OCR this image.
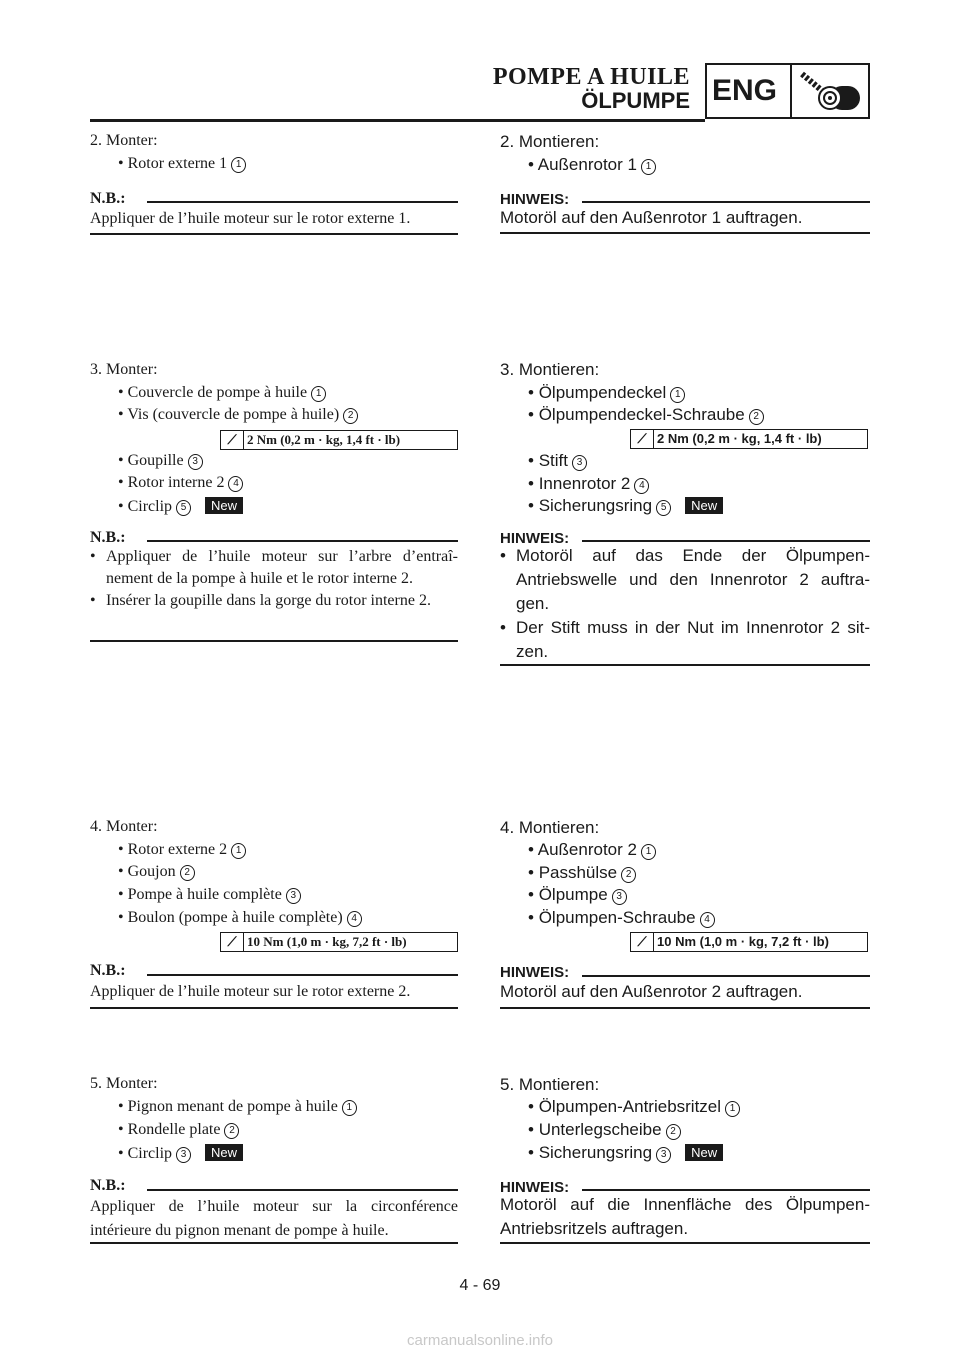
POMPE A HUILE
ÖLPUMPE ENG
2. Monter:
• Rotor externe 1 1
N.B.:
Appliquer de l’huile moteur sur le rotor externe 1.
3. Monter:
• Couvercle de pompe à huile 1
• Vis (couvercle de pompe à huile) 2
⟋ 2 Nm (0,2 m · kg, 1,4 ft · lb)
• Goupille 3
• Rotor interne 2 4
• Circlip 5 New
N.B.:
• Appliquer de l’huile moteur sur l’arbre d’entraî- nement de la pompe à huile et le rotor interne 2.
• Insérer la goupille dans la gorge du rotor interne 2.
4. Monter:
• Rotor externe 2 1
• Goujon 2
• Pompe à huile complète 3
• Boulon (pompe à huile complète) 4
⟋ 10 Nm (1,0 m · kg, 7,2 ft · lb)
N.B.:
Appliquer de l’huile moteur sur le rotor externe 2.
5. Monter:
• Pignon menant de pompe à huile 1
• Rondelle plate 2
• Circlip 3 New
N.B.:
Appliquer de l’huile moteur sur la circonférence intérieure du pignon menant de pompe à huile.
2. Montieren:
• Außenrotor 1 1
HINWEIS:
Motoröl auf den Außenrotor 1 auftragen.
3. Montieren:
• Ölpumpendeckel 1
• Ölpumpendeckel-Schraube 2
⟋ 2 Nm (0,2 m · kg, 1,4 ft · lb)
• Stift 3
• Innenrotor 2 4
• Sicherungsring 5 New
HINWEIS:
• Motoröl auf das Ende der Ölpumpen- Antriebswelle und den Innenrotor 2 auftra- gen.
• Der Stift muss in der Nut im Innenrotor 2 sit- zen.
4. Montieren:
• Außenrotor 2 1
• Passhülse 2
• Ölpumpe 3
• Ölpumpen-Schraube 4
⟋ 10 Nm (1,0 m · kg, 7,2 ft · lb)
HINWEIS:
Motoröl auf den Außenrotor 2 auftragen.
5. Montieren:
• Ölpumpen-Antriebsritzel 1
• Unterlegscheibe 2
• Sicherungsring 3 New
HINWEIS:
Motoröl auf die Innenfläche des Ölpumpen- Antriebsritzels auftragen.
4 - 69
carmanualsonline.info
